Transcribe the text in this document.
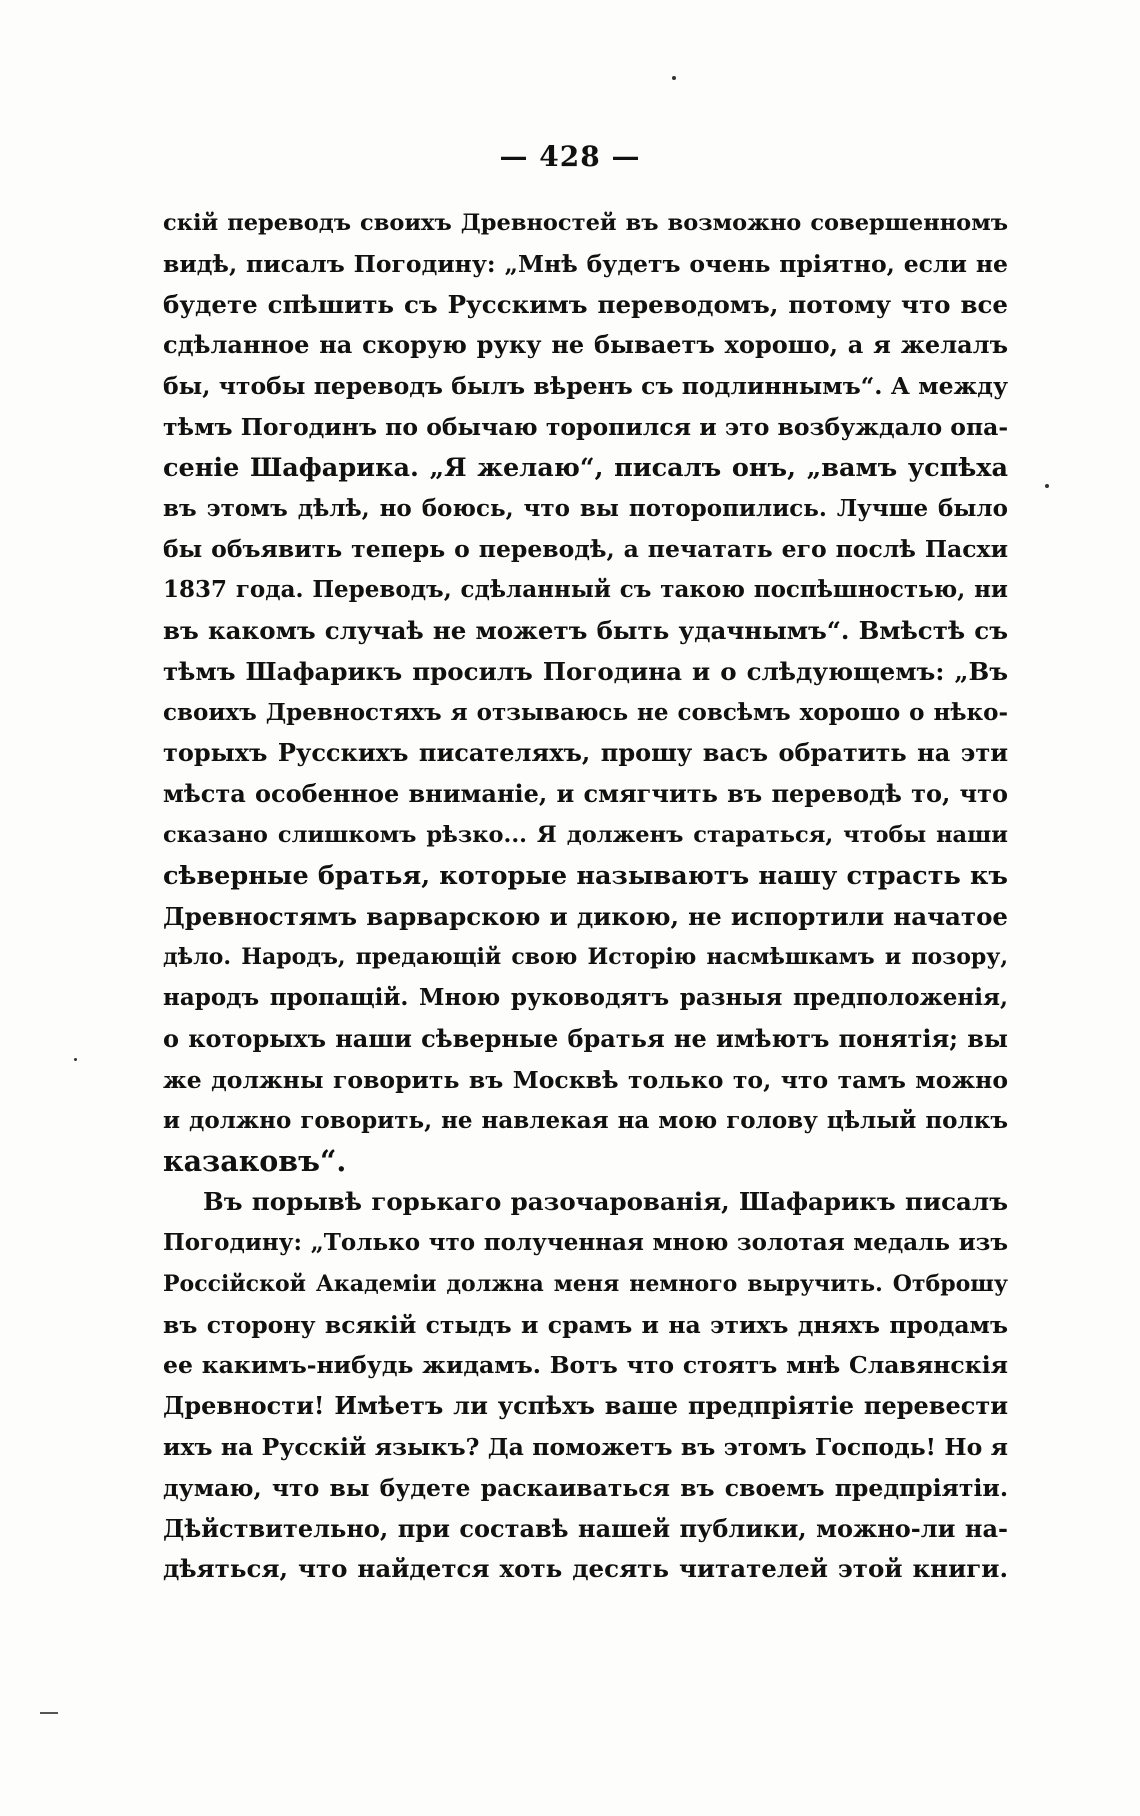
— 428 —
скій переводъ своихъ Древностей въ возможно совершенномъ
видѣ, писалъ Погодину: „Мнѣ будетъ очень пріятно, если не
будете спѣшить съ Русскимъ переводомъ, потому что все
сдѣланное на скорую руку не бываетъ хорошо, а я желалъ
бы, чтобы переводъ былъ вѣренъ съ подлиннымъ“. А между
тѣмъ Погодинъ по обычаю торопился и это возбуждало опа-
сеніе Шафарика. „Я желаю“, писалъ онъ, „вамъ успѣха
въ этомъ дѣлѣ, но боюсь, что вы поторопились. Лучше было
бы объявить теперь о переводѣ, а печатать его послѣ Пасхи
1837 года. Переводъ, сдѣланный съ такою поспѣшностью, ни
въ какомъ случаѣ не можетъ быть удачнымъ“. Вмѣстѣ съ
тѣмъ Шафарикъ просилъ Погодина и о слѣдующемъ: „Въ
своихъ Древностяхъ я отзываюсь не совсѣмъ хорошо о нѣко-
торыхъ Русскихъ писателяхъ, прошу васъ обратить на эти
мѣста особенное вниманіе, и смягчить въ переводѣ то, что
сказано слишкомъ рѣзко... Я долженъ стараться, чтобы наши
сѣверные братья, которые называютъ нашу страсть къ
Древностямъ варварскою и дикою, не испортили начатое
дѣло. Народъ, предающій свою Исторію насмѣшкамъ и позору,
народъ пропащій. Мною руководятъ разныя предположенія,
о которыхъ наши сѣверные братья не имѣютъ понятія; вы
же должны говорить въ Москвѣ только то, что тамъ можно
и должно говорить, не навлекая на мою голову цѣлый полкъ
казаковъ“.
Въ порывѣ горькаго разочарованія, Шафарикъ писалъ
Погодину: „Только что полученная мною золотая медаль изъ
Россійской Академіи должна меня немного выручить. Отброшу
въ сторону всякій стыдъ и срамъ и на этихъ дняхъ продамъ
ее какимъ-нибудь жидамъ. Вотъ что стоятъ мнѣ Славянскія
Древности! Имѣетъ ли успѣхъ ваше предпріятіе перевести
ихъ на Русскій языкъ? Да поможетъ въ этомъ Господь! Но я
думаю, что вы будете раскаиваться въ своемъ предпріятіи.
Дѣйствительно, при составѣ нашей публики, можно-ли на-
дѣяться, что найдется хоть десять читателей этой книги.
